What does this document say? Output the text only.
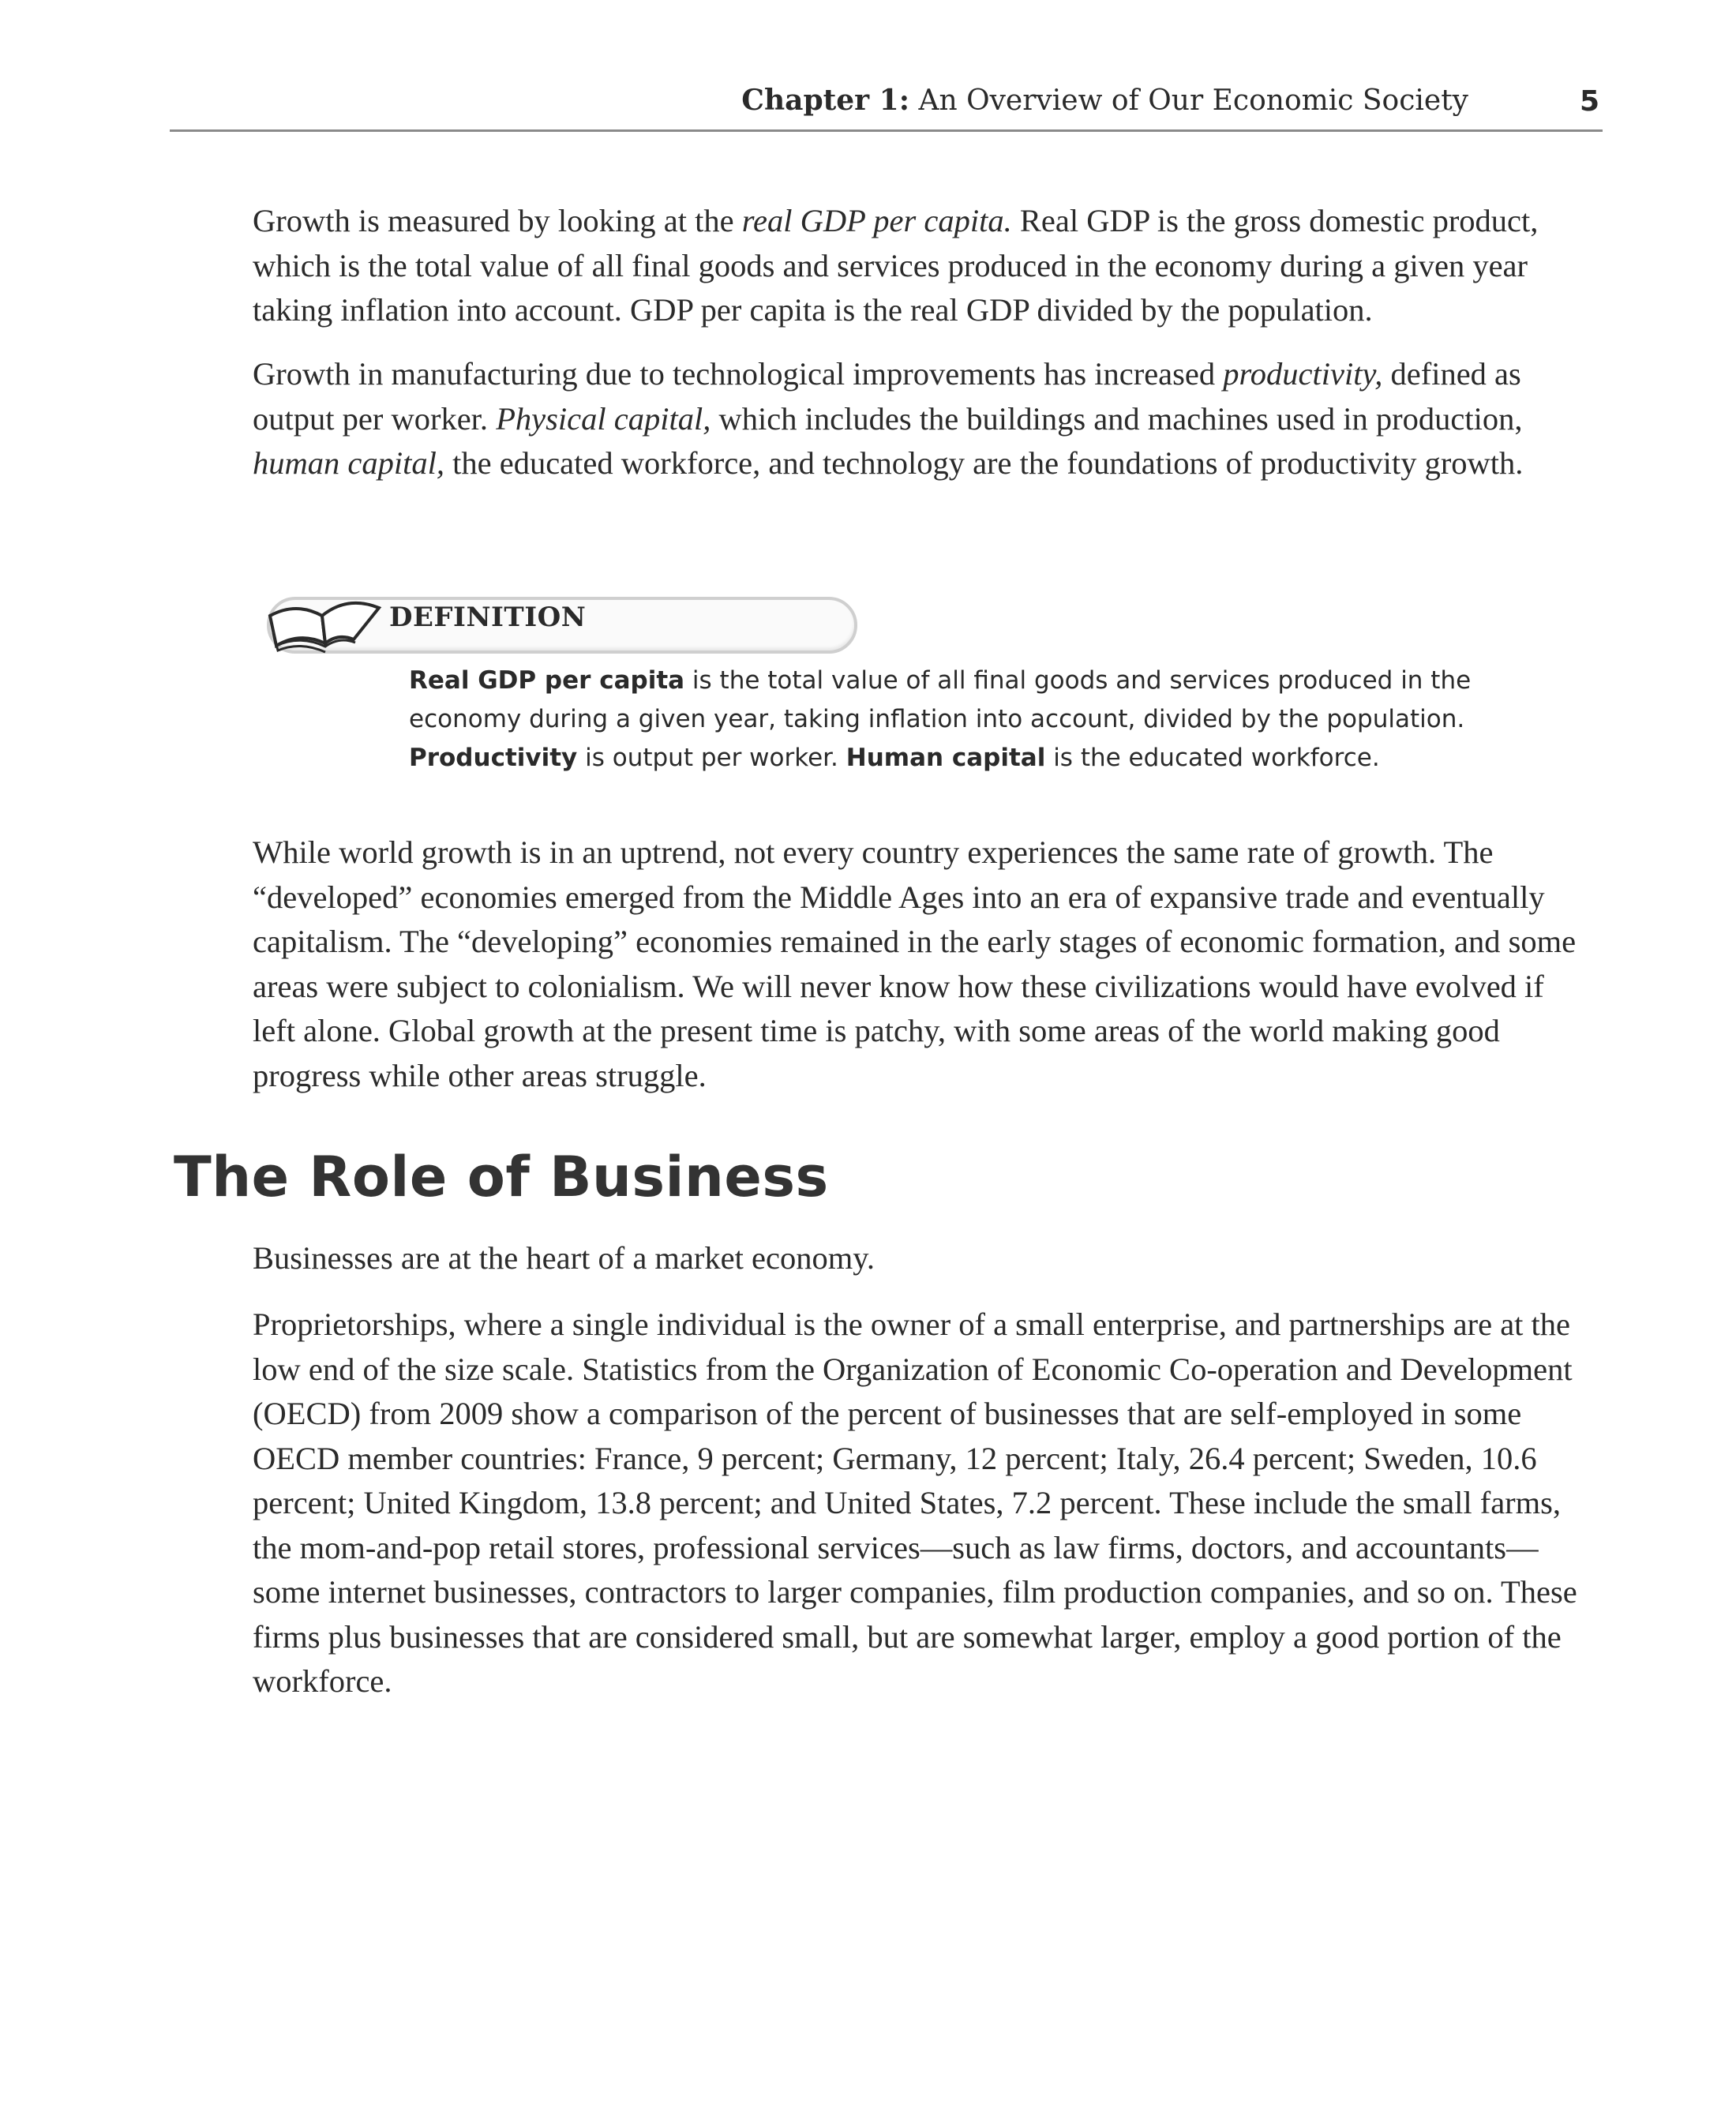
Chapter 1: An Overview of Our Economic Society	5

Growth is measured by looking at the real GDP per capita. Real GDP is the gross domestic product, which is the total value of all final goods and services produced in the economy during a given year taking inflation into account. GDP per capita is the real GDP divided by the population.

Growth in manufacturing due to technological improvements has increased productivity, defined as output per worker. Physical capital, which includes the buildings and machines used in production, human capital, the educated workforce, and technology are the foundations of productivity growth.

DEFINITION

Real GDP per capita is the total value of all final goods and services produced in the economy during a given year, taking inflation into account, divided by the population. Productivity is output per worker. Human capital is the educated workforce.

While world growth is in an uptrend, not every country experiences the same rate of growth. The “developed” economies emerged from the Middle Ages into an era of expansive trade and eventually capitalism. The “developing” economies remained in the early stages of economic formation, and some areas were subject to colonialism. We will never know how these civilizations would have evolved if left alone. Global growth at the present time is patchy, with some areas of the world making good progress while other areas struggle.

The Role of Business

Businesses are at the heart of a market economy.

Proprietorships, where a single individual is the owner of a small enterprise, and partnerships are at the low end of the size scale. Statistics from the Organization of Economic Co-operation and Development (OECD) from 2009 show a comparison of the percent of businesses that are self-employed in some OECD member countries: France, 9 percent; Germany, 12 percent; Italy, 26.4 percent; Sweden, 10.6 percent; United Kingdom, 13.8 percent; and United States, 7.2 percent. These include the small farms, the mom-and-pop retail stores, professional services—such as law firms, doctors, and accountants—some internet businesses, contractors to larger companies, film production companies, and so on. These firms plus businesses that are considered small, but are somewhat larger, employ a good portion of the workforce.
